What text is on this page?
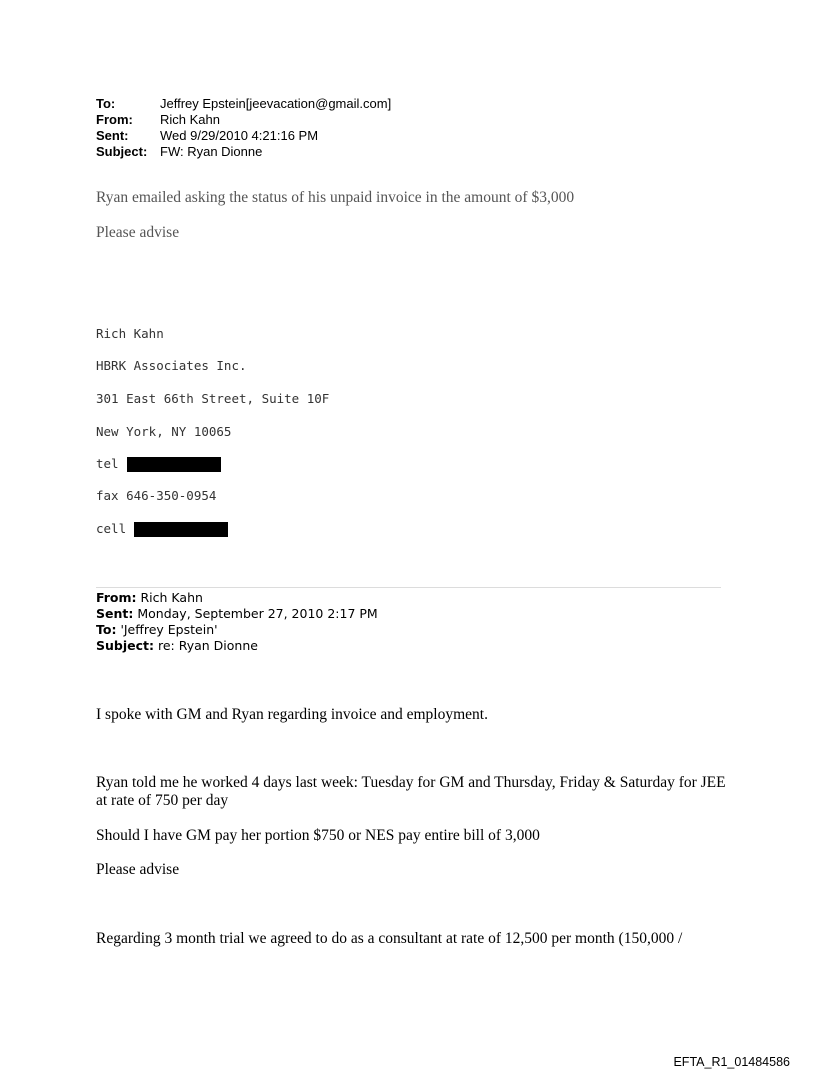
To:	Jeffrey Epstein[jeevacation@gmail.com]
From:	Rich Kahn
Sent:	Wed 9/29/2010 4:21:16 PM
Subject: FW: Ryan Dionne
Ryan emailed asking the status of his unpaid invoice in the amount of $3,000
Please advise
Rich Kahn
HBRK Associates Inc.
301 East 66th Street, Suite 10F
New York, NY 10065
tel
fax 646-350-0954
cell
From: Rich Kahn
Sent: Monday, September 27, 2010 2:17 PM
To: 'Jeffrey Epstein'
Subject: re: Ryan Dionne
I spoke with GM and Ryan regarding invoice and employment.
Ryan told me he worked 4 days last week: Tuesday for GM and Thursday, Friday & Saturday for JEE at rate of 750 per day
Should I have GM pay her portion $750 or NES pay entire bill of 3,000
Please advise
Regarding 3 month trial we agreed to do as a consultant at rate of 12,500 per month (150,000 /
EFTA_R1_01484586
